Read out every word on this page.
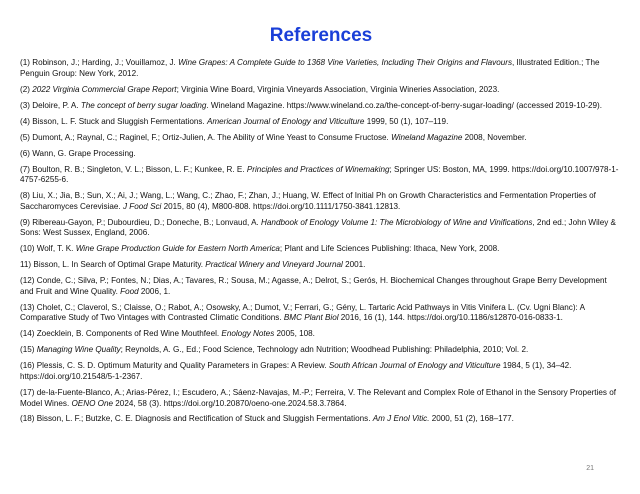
References
(1) Robinson, J.; Harding, J.; Vouillamoz, J. Wine Grapes: A Complete Guide to 1368 Vine Varieties, Including Their Origins and Flavours, Illustrated Edition.; The Penguin Group: New York, 2012.
(2) 2022 Virginia Commercial Grape Report; Virginia Wine Board, Virginia Vineyards Association, Virginia Wineries Association, 2023.
(3) Deloire, P. A. The concept of berry sugar loading. Wineland Magazine. https://www.wineland.co.za/the-concept-of-berry-sugar-loading/ (accessed 2019-10-29).
(4) Bisson, L. F. Stuck and Sluggish Fermentations. American Journal of Enology and Viticulture 1999, 50 (1), 107–119.
(5) Dumont, A.; Raynal, C.; Raginel, F.; Ortiz-Julien, A. The Ability of Wine Yeast to Consume Fructose. Wineland Magazine 2008, November.
(6) Wann, G. Grape Processing.
(7) Boulton, R. B.; Singleton, V. L.; Bisson, L. F.; Kunkee, R. E. Principles and Practices of Winemaking; Springer US: Boston, MA, 1999. https://doi.org/10.1007/978-1-4757-6255-6.
(8) Liu, X.; Jia, B.; Sun, X.; Ai, J.; Wang, L.; Wang, C.; Zhao, F.; Zhan, J.; Huang, W. Effect of Initial Ph on Growth Characteristics and Fermentation Properties of Saccharomyces Cerevisiae. J Food Sci 2015, 80 (4), M800-808. https://doi.org/10.1111/1750-3841.12813.
(9) Ribereau-Gayon, P.; Dubourdieu, D.; Doneche, B.; Lonvaud, A. Handbook of Enology Volume 1: The Microbiology of Wine and Vinifications, 2nd ed.; John Wiley & Sons: West Sussex, England, 2006.
(10) Wolf, T. K. Wine Grape Production Guide for Eastern North America; Plant and Life Sciences Publishing: Ithaca, New York, 2008.
11) Bisson, L. In Search of Optimal Grape Maturity. Practical Winery and Vineyard Journal 2001.
(12) Conde, C.; Silva, P.; Fontes, N.; Dias, A.; Tavares, R.; Sousa, M.; Agasse, A.; Delrot, S.; Gerós, H. Biochemical Changes throughout Grape Berry Development and Fruit and Wine Quality. Food 2006, 1.
(13) Cholet, C.; Claverol, S.; Claisse, O.; Rabot, A.; Osowsky, A.; Dumot, V.; Ferrari, G.; Gény, L. Tartaric Acid Pathways in Vitis Vinifera L. (Cv. Ugni Blanc): A Comparative Study of Two Vintages with Contrasted Climatic Conditions. BMC Plant Biol 2016, 16 (1), 144. https://doi.org/10.1186/s12870-016-0833-1.
(14) Zoecklein, B. Components of Red Wine Mouthfeel. Enology Notes 2005, 108.
(15) Managing Wine Quality; Reynolds, A. G., Ed.; Food Science, Technology adn Nutrition; Woodhead Publishing: Philadelphia, 2010; Vol. 2.
(16) Plessis, C. S. D. Optimum Maturity and Quality Parameters in Grapes: A Review. South African Journal of Enology and Viticulture 1984, 5 (1), 34–42. https://doi.org/10.21548/5-1-2367.
(17) de-la-Fuente-Blanco, A.; Arias-Pérez, I.; Escudero, A.; Sáenz-Navajas, M.-P.; Ferreira, V. The Relevant and Complex Role of Ethanol in the Sensory Properties of Model Wines. OENO One 2024, 58 (3). https://doi.org/10.20870/oeno-one.2024.58.3.7864.
(18) Bisson, L. F.; Butzke, C. E. Diagnosis and Rectification of Stuck and Sluggish Fermentations. Am J Enol Vitic. 2000, 51 (2), 168–177.
21
